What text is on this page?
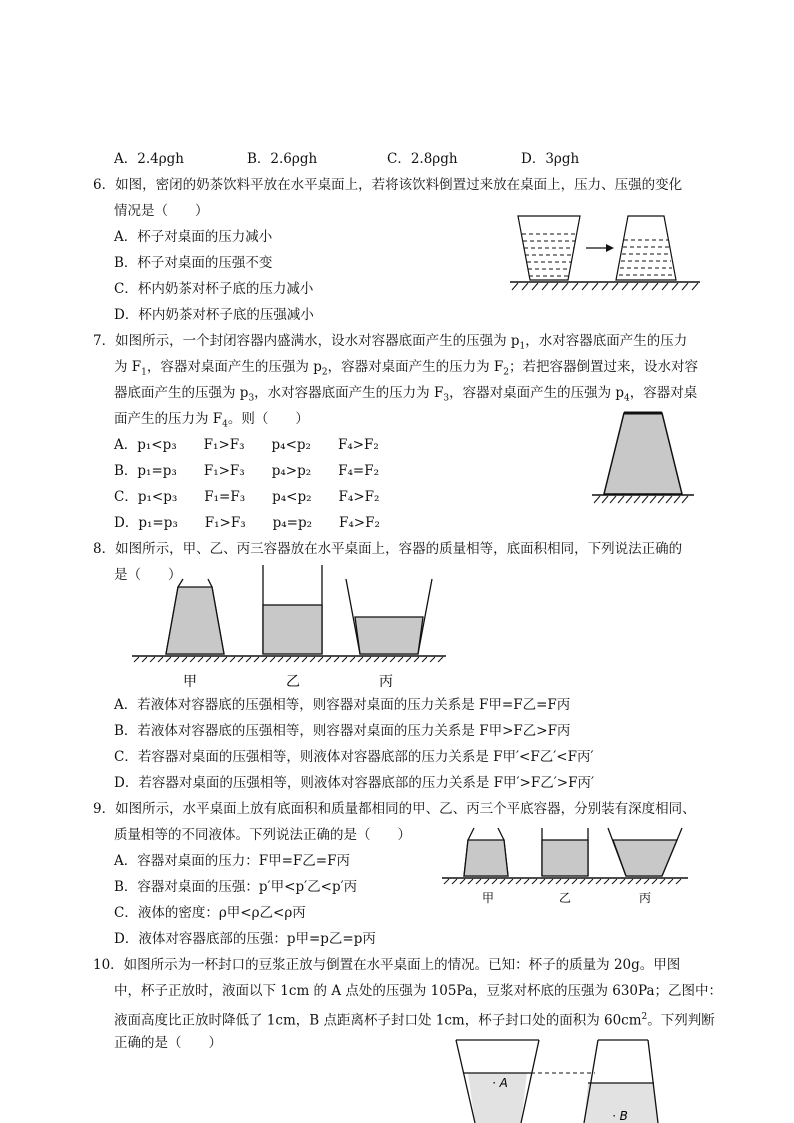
A．2.4ρgh	B．2.6ρgh	C．2.8ρgh	D．3ρgh
6．如图，密闭的奶茶饮料平放在水平桌面上，若将该饮料倒置过来放在桌面上，压力、压强的变化
情况是（　　）
A．杯子对桌面的压力减小
B．杯子对桌面的压强不变
C．杯内奶茶对杯子底的压力减小
D．杯内奶茶对杯子底的压强减小
7．如图所示，一个封闭容器内盛满水，设水对容器底面产生的压强为 $p_1$，水对容器底面产生的压力
为 $F_1$，容器对桌面产生的压强为 $p_2$，容器对桌面产生的压力为 $F_2$；若把容器倒置过来，设水对容
器底面产生的压强为 $p_3$，水对容器底面产生的压力为 $F_3$，容器对桌面产生的压强为 $p_4$，容器对桌
面产生的压力为 $F_4$。则（　　）
A．p₁<p₃　　F₁>F₃　　p₄<p₂　　F₄>F₂
B．p₁=p₃　　F₁>F₃　　p₄>p₂　　F₄=F₂
C．p₁<p₃　　F₁=F₃　　p₄<p₂　　F₄>F₂
D．p₁=p₃　　F₁>F₃　　p₄=p₂　　F₄>F₂
8．如图所示，甲、乙、丙三容器放在水平桌面上，容器的质量相等，底面积相同，下列说法正确的
是（　　）
甲	乙	丙
A．若液体对容器底的压强相等，则容器对桌面的压力关系是 F甲=F乙=F丙
B．若液体对容器底的压强相等，则容器对桌面的压力关系是 F甲>F乙>F丙
C．若容器对桌面的压强相等，则液体对容器底部的压力关系是 F甲′<F乙′<F丙′
D．若容器对桌面的压强相等，则液体对容器底部的压力关系是 F甲′>F乙′>F丙′
9．如图所示，水平桌面上放有底面积和质量都相同的甲、乙、丙三个平底容器，分别装有深度相同、
质量相等的不同液体。下列说法正确的是（　　）
A．容器对桌面的压力：F甲=F乙=F丙
B．容器对桌面的压强：p′甲<p′乙<p′丙
C．液体的密度：ρ甲<ρ乙<ρ丙
D．液体对容器底部的压强：p甲=p乙=p丙
甲	乙	丙
10．如图所示为一杯封口的豆浆正放与倒置在水平桌面上的情况。已知：杯子的质量为 20g。甲图
中，杯子正放时，液面以下 1cm 的 A 点处的压强为 105Pa，豆浆对杯底的压强为 630Pa；乙图中：
液面高度比正放时降低了 1cm，B 点距离杯子封口处 1cm，杯子封口处的面积为 $60cm^2$。下列判断
正确的是（　　）
· A
· B
